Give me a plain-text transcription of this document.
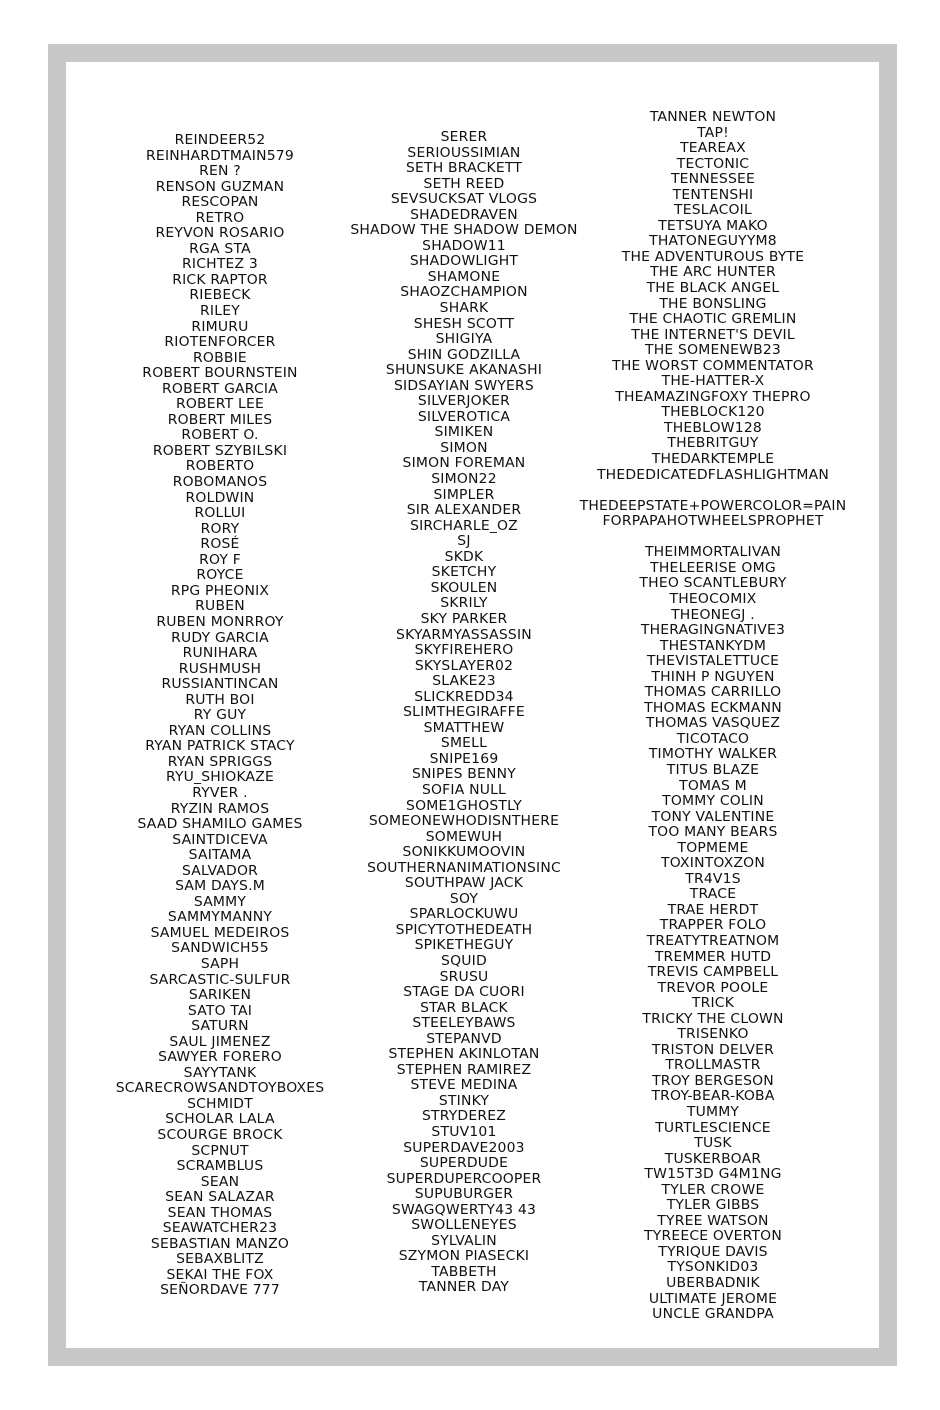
REINDEER52
REINHARDTMAIN579
REN ?
RENSON GUZMAN
RESCOPAN
RETRO
REYVON ROSARIO
RGA STA
RICHTEZ 3
RICK RAPTOR
RIEBECK
RILEY
RIMURU
RIOTENFORCER
ROBBIE
ROBERT BOURNSTEIN
ROBERT GARCIA
ROBERT LEE
ROBERT MILES
ROBERT O.
ROBERT SZYBILSKI
ROBERTO
ROBOMANOS
ROLDWIN
ROLLUI
RORY
ROSÉ
ROY F
ROYCE
RPG PHEONIX
RUBEN
RUBEN MONRROY
RUDY GARCIA
RUNIHARA
RUSHMUSH
RUSSIANTINCAN
RUTH BOI
RY GUY
RYAN COLLINS
RYAN PATRICK STACY
RYAN SPRIGGS
RYU_SHIOKAZE
RYVER .
RYZIN RAMOS
SAAD SHAMILO GAMES
SAINTDICEVA
SAITAMA
SALVADOR
SAM DAYS.M
SAMMY
SAMMYMANNY
SAMUEL MEDEIROS
SANDWICH55
SAPH
SARCASTIC-SULFUR
SARIKEN
SATO TAI
SATURN
SAUL JIMENEZ
SAWYER FORERO
SAYYTANK
SCARECROWSANDTOYBOXES
SCHMIDT
SCHOLAR LALA
SCOURGE BROCK
SCPNUT
SCRAMBLUS
SEAN
SEAN SALAZAR
SEAN THOMAS
SEAWATCHER23
SEBASTIAN MANZO
SEBAXBLITZ
SEKAI THE FOX
SEÑORDAVE 777
SERER
SERIOUSSIMIAN
SETH BRACKETT
SETH REED
SEVSUCKSAT VLOGS
SHADEDRAVEN
SHADOW THE SHADOW DEMON
SHADOW11
SHADOWLIGHT
SHAMONE
SHAOZCHAMPION
SHARK
SHESH SCOTT
SHIGIYA
SHIN GODZILLA
SHUNSUKE AKANASHI
SIDSAYIAN SWYERS
SILVERJOKER
SILVEROTICA
SIMIKEN
SIMON
SIMON FOREMAN
SIMON22
SIMPLER
SIR ALEXANDER
SIRCHARLE_OZ
SJ
SKDK
SKETCHY
SKOULEN
SKRILY
SKY PARKER
SKYARMYASSASSIN
SKYFIREHERO
SKYSLAYER02
SLAKE23
SLICKREDD34
SLIMTHEGIRAFFE
SMATTHEW
SMELL
SNIPE169
SNIPES BENNY
SOFIA NULL
SOME1GHOSTLY
SOMEONEWHODISNTHERE
SOMEWUH
SONIKKUMOOVIN
SOUTHERNANIMATIONSINC
SOUTHPAW JACK
SOY
SPARLOCKUWU
SPICYTOTHEDEATH
SPIKETHEGUY
SQUID
SRUSU
STAGE DA CUORI
STAR BLACK
STEELEYBAWS
STEPANVD
STEPHEN AKINLOTAN
STEPHEN RAMIREZ
STEVE MEDINA
STINKY
STRYDEREZ
STUV101
SUPERDAVE2003
SUPERDUDE
SUPERDUPERCOOPER
SUPUBURGER
SWAGQWERTY43 43
SWOLLENEYES
SYLVALIN
SZYMON PIASECKI
TABBETH
TANNER DAY
TANNER NEWTON
TAP!
TEAREAX
TECTONIC
TENNESSEE
TENTENSHI
TESLACOIL
TETSUYA MAKO
THATONEGUYYM8
THE ADVENTUROUS BYTE
THE ARC HUNTER
THE BLACK ANGEL
THE BONSLING
THE CHAOTIC GREMLIN
THE INTERNET'S DEVIL
THE SOMENEWB23
THE WORST COMMENTATOR
THE-HATTER-X
THEAMAZINGFOXY THEPRO
THEBLOCK120
THEBLOW128
THEBRITGUY
THEDARKTEMPLE
THEDEDICATEDFLASHLIGHTMAN
THEDEEPSTATE+POWERCOLOR=PAIN
FORPAPAHOTWHEELSPROPHET
THEIMMORTALIVAN
THELEERISE OMG
THEO SCANTLEBURY
THEOCOMIX
THEONEGJ .
THERAGINGNATIVE3
THESTANKYDM
THEVISTALETTUCE
THINH P NGUYEN
THOMAS CARRILLO
THOMAS ECKMANN
THOMAS VASQUEZ
TICOTACO
TIMOTHY WALKER
TITUS BLAZE
TOMAS M
TOMMY COLIN
TONY VALENTINE
TOO MANY BEARS
TOPMEME
TOXINTOXZON
TR4V1S
TRACE
TRAE HERDT
TRAPPER FOLO
TREATYTREATNOM
TREMMER HUTD
TREVIS CAMPBELL
TREVOR POOLE
TRICK
TRICKY THE CLOWN
TRISENKO
TRISTON DELVER
TROLLMASTR
TROY BERGESON
TROY-BEAR-KOBA
TUMMY
TURTLESCIENCE
TUSK
TUSKERBOAR
TW15T3D G4M1NG
TYLER CROWE
TYLER GIBBS
TYREE WATSON
TYREECE OVERTON
TYRIQUE DAVIS
TYSONKID03
UBERBADNIK
ULTIMATE JEROME
UNCLE GRANDPA
